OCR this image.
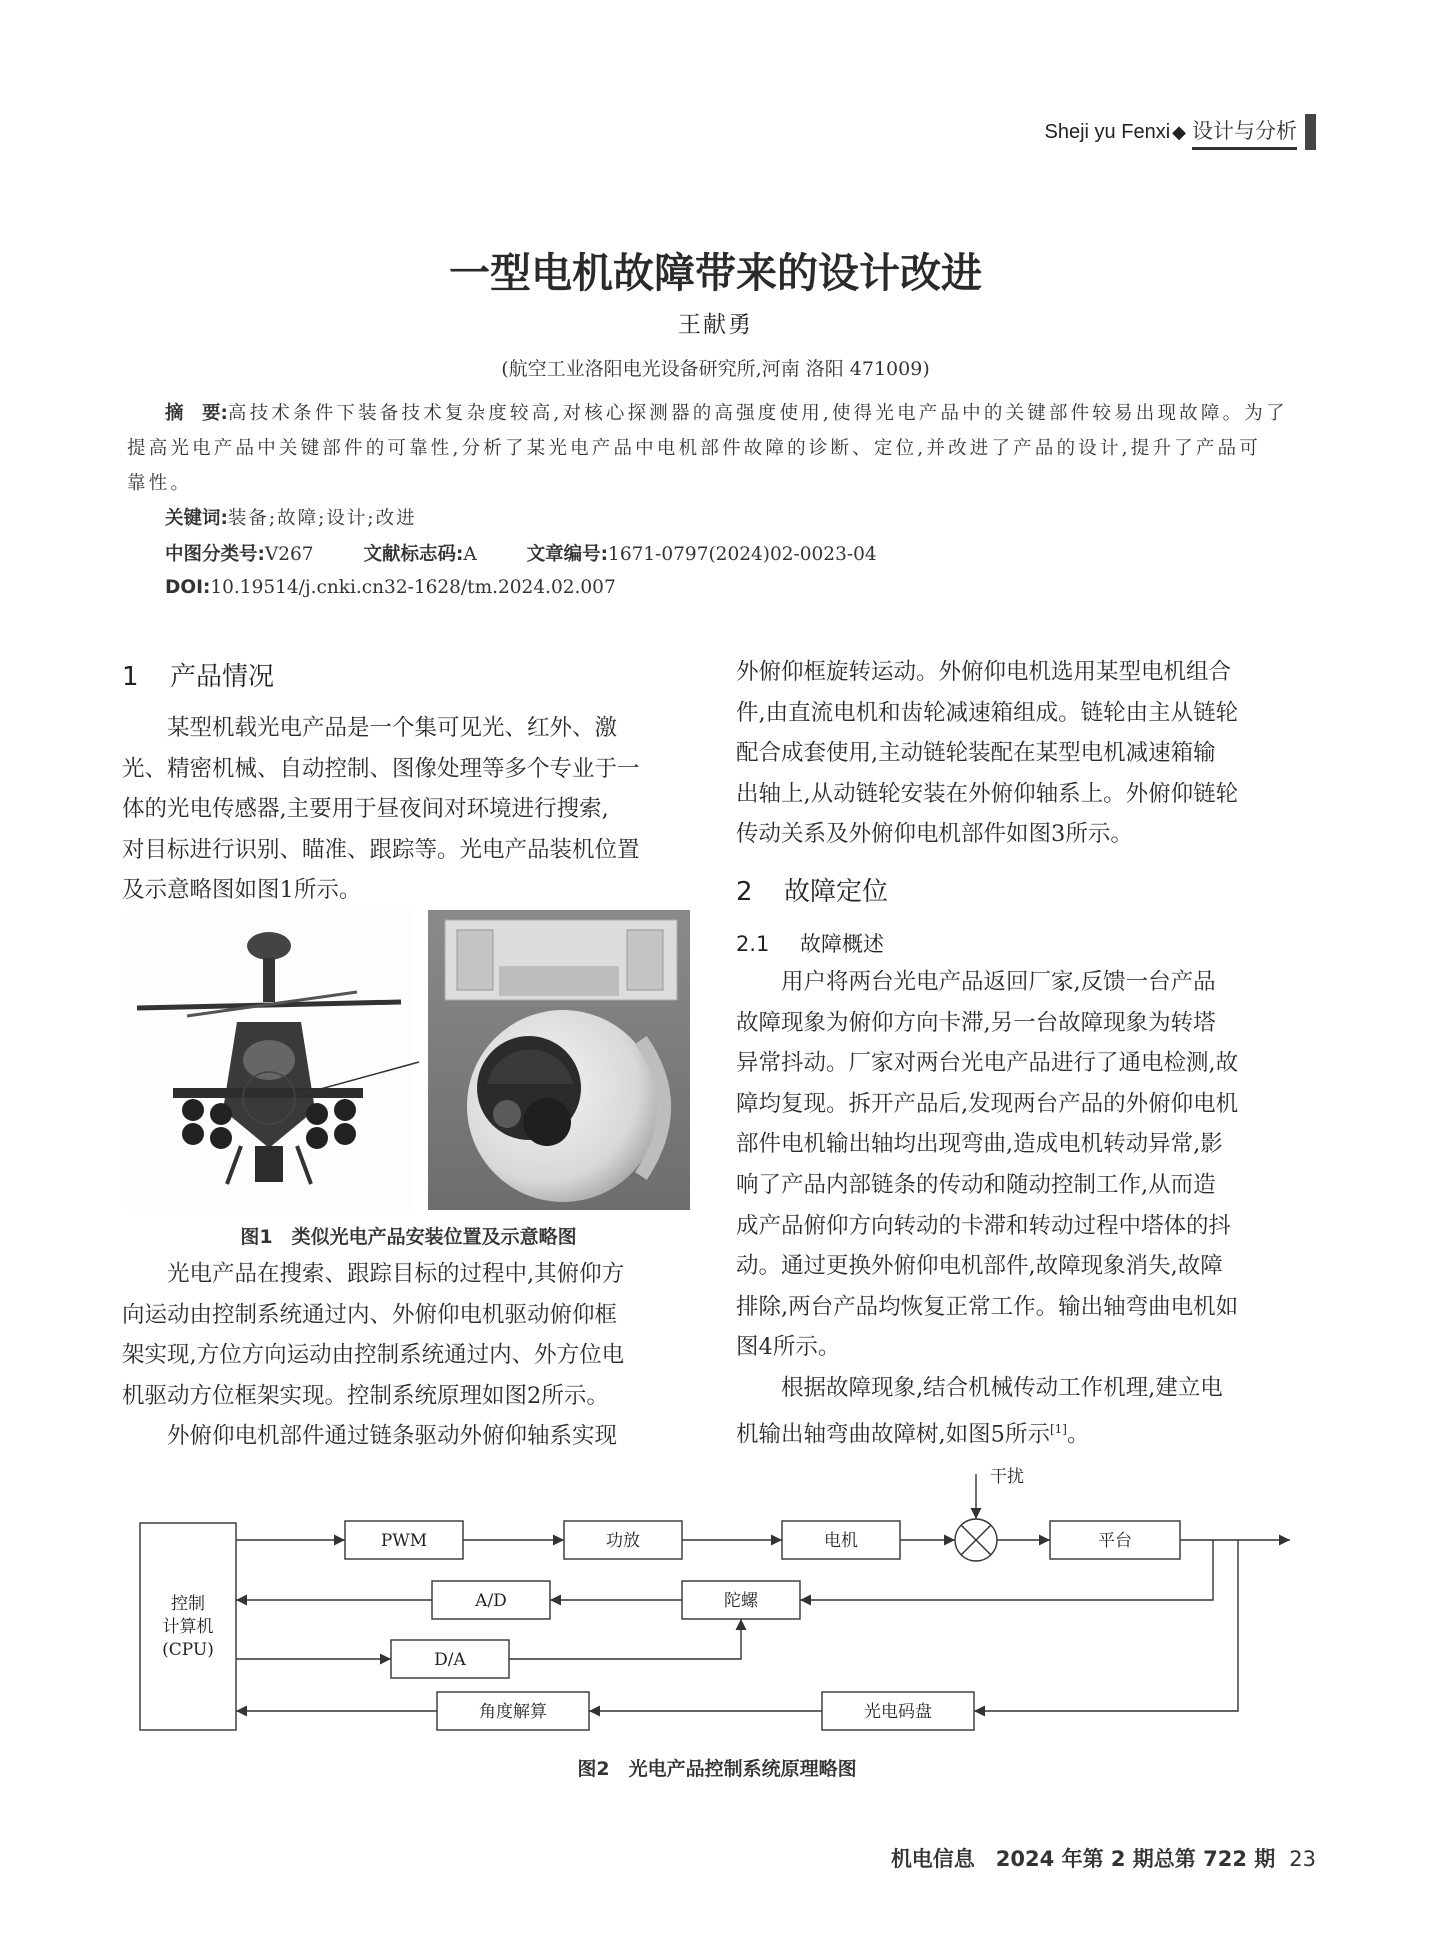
Sheji yu Fenxi ◆ 设计与分析
一型电机故障带来的设计改进
王献勇
(航空工业洛阳电光设备研究所,河南 洛阳 471009)
摘　要:高技术条件下装备技术复杂度较高,对核心探测器的高强度使用,使得光电产品中的关键部件较易出现故障。为了
提高光电产品中关键部件的可靠性,分析了某光电产品中电机部件故障的诊断、定位,并改进了产品的设计,提升了产品可
靠性。
关键词:装备;故障;设计;改进
中图分类号:V267	文献标志码:A	文章编号:1671-0797(2024)02-0023-04
DOI:10.19514/j.cnki.cn32-1628/tm.2024.02.007
1 产品情况
　　某型机载光电产品是一个集可见光、红外、激
光、精密机械、自动控制、图像处理等多个专业于一
体的光电传感器,主要用于昼夜间对环境进行搜索,
对目标进行识别、瞄准、跟踪等。光电产品装机位置
及示意略图如图1所示。
图1　类似光电产品安装位置及示意略图
　　光电产品在搜索、跟踪目标的过程中,其俯仰方
向运动由控制系统通过内、外俯仰电机驱动俯仰框
架实现,方位方向运动由控制系统通过内、外方位电
机驱动方位框架实现。控制系统原理如图2所示。
　　外俯仰电机部件通过链条驱动外俯仰轴系实现
外俯仰框旋转运动。外俯仰电机选用某型电机组合
件,由直流电机和齿轮减速箱组成。链轮由主从链轮
配合成套使用,主动链轮装配在某型电机减速箱输
出轴上,从动链轮安装在外俯仰轴系上。外俯仰链轮
传动关系及外俯仰电机部件如图3所示。
2 故障定位
2.1 故障概述
　　用户将两台光电产品返回厂家,反馈一台产品
故障现象为俯仰方向卡滞,另一台故障现象为转塔
异常抖动。厂家对两台光电产品进行了通电检测,故
障均复现。拆开产品后,发现两台产品的外俯仰电机
部件电机输出轴均出现弯曲,造成电机转动异常,影
响了产品内部链条的传动和随动控制工作,从而造
成产品俯仰方向转动的卡滞和转动过程中塔体的抖
动。通过更换外俯仰电机部件,故障现象消失,故障
排除,两台产品均恢复正常工作。输出轴弯曲电机如
图4所示。
　　根据故障现象,结合机械传动工作机理,建立电
机输出轴弯曲故障树,如图5所示[1]。
控制
计算机
(CPU)
PWM	功放	电机	平台
干扰
A/D	陀螺
D/A
角度解算	光电码盘
图2　光电产品控制系统原理略图
机电信息　2024 年第 2 期总第 722 期 23
